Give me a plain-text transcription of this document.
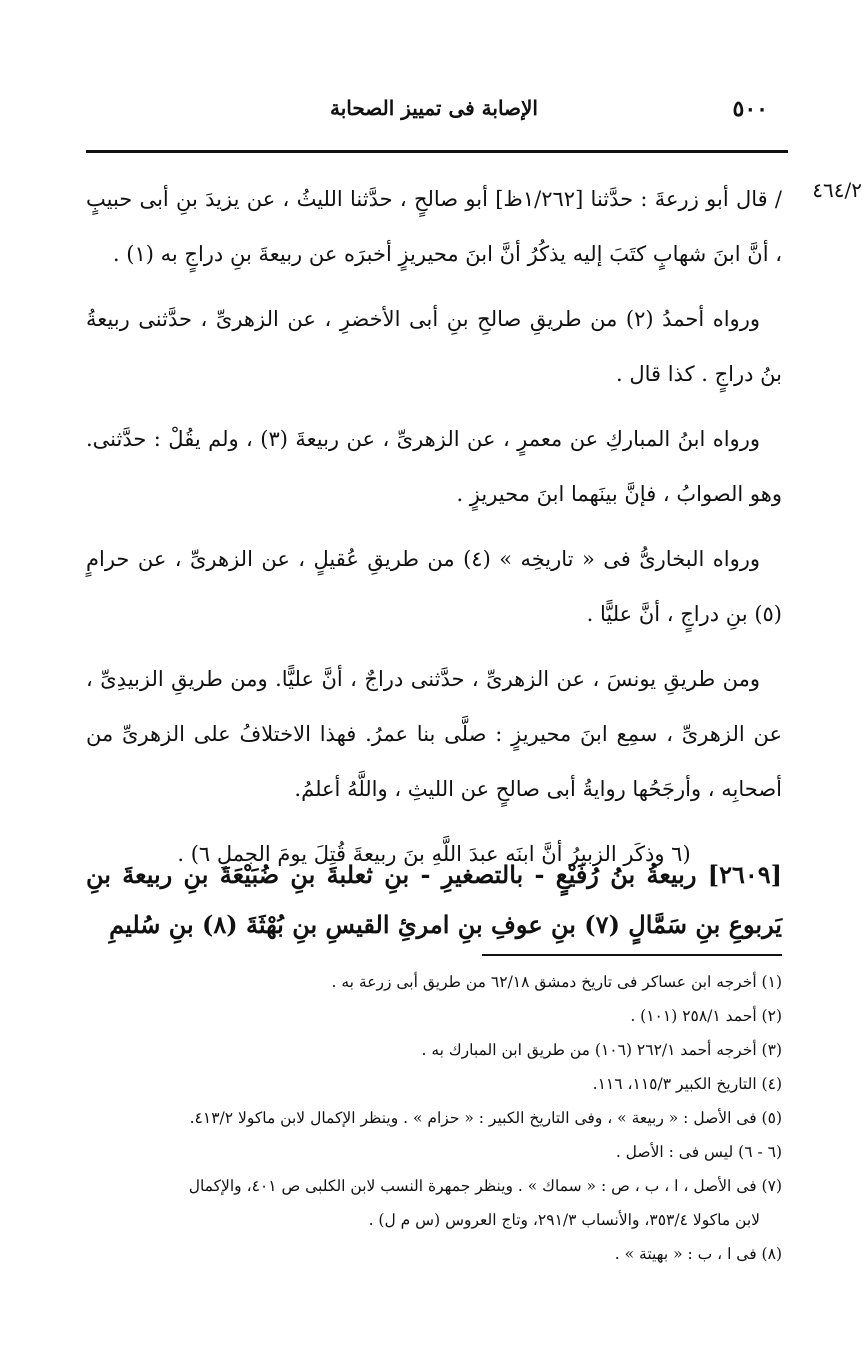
٥٠٠
الإصابة فى تمييز الصحابة
٤٦٤/٢

/ قال أبو زرعةَ : حدَّثنا [١/٢٦٢ظ] أبو صالحٍ ، حدَّثنا الليثُ ، عن يزيدَ بنِ أبى حبيبٍ ، أنَّ ابنَ شهابٍ كتَبَ إليه يذكُرُ أنَّ ابنَ محيريزٍ أخبرَه عن ربيعةَ بنِ دراجٍ به (١) .

ورواه أحمدُ (٢) من طريقِ صالحِ بنِ أبى الأخضرِ ، عن الزهرىِّ ، حدَّثنى ربيعةُ بنُ دراجٍ . كذا قال .

ورواه ابنُ المباركِ عن معمرٍ ، عن الزهرىِّ ، عن ربيعةَ (٣) ، ولم يقُلْ : حدَّثنى. وهو الصوابُ ، فإنَّ بينَهما ابنَ محيريزٍ .

ورواه البخارىُّ فى « تاريخِه » (٤) من طريقِ عُقيلٍ ، عن الزهرىِّ ، عن حرامٍ (٥) بنِ دراجٍ ، أنَّ عليًّا .

ومن طريقِ يونسَ ، عن الزهرىِّ ، حدَّثنى دراجٌ ، أنَّ عليًّا. ومن طريقِ الزبيدِىِّ ، عن الزهرىِّ ، سمِع ابنَ محيريزٍ : صلَّى بنا عمرُ. فهذا الاختلافُ على الزهرىِّ من أصحابِه ، وأرجَحُها روايةُ أبى صالحٍ عن الليثِ ، واللَّهُ أعلمُ.

(٦ وذكَر الزبيرُ أنَّ ابنَه عبدَ اللَّهِ بنَ ربيعةَ قُتِلَ يومَ الجملِ ٦) .

[٢٦٠٩] ربيعةُ بنُ رُفَيْعٍ - بالتصغيرِ - بنِ ثعلبةَ بنِ ضُبَيْعَةَ بنِ ربيعةَ بنِ يَربوعِ بنِ سَمَّالٍ (٧) بنِ عوفِ بنِ امرئِ القيسِ بنِ بُهْثَةَ (٨) بنِ سُليمِ

(١) أخرجه ابن عساكر فى تاريخ دمشق ٦٢/١٨ من طريق أبى زرعة به .

(٢) أحمد ٢٥٨/١ (١٠١) .

(٣) أخرجه أحمد ٢٦٢/١ (١٠٦) من طريق ابن المبارك به .

(٤) التاريخ الكبير ١١٥/٣، ١١٦.

(٥) فى الأصل : « ربيعة » ، وفى التاريخ الكبير : « حزام » . وينظر الإكمال لابن ماكولا ٤١٣/٢.

(٦ - ٦) ليس فى : الأصل .

(٧) فى الأصل ، ا ، ب ، ص : « سماك » . وينظر جمهرة النسب لابن الكلبى ص ٤٠١، والإكمال

لابن ماكولا ٣٥٣/٤، والأنساب ٢٩١/٣، وتاج العروس (س م ل) .

(٨) فى ا ، ب : « بهيتة » .
